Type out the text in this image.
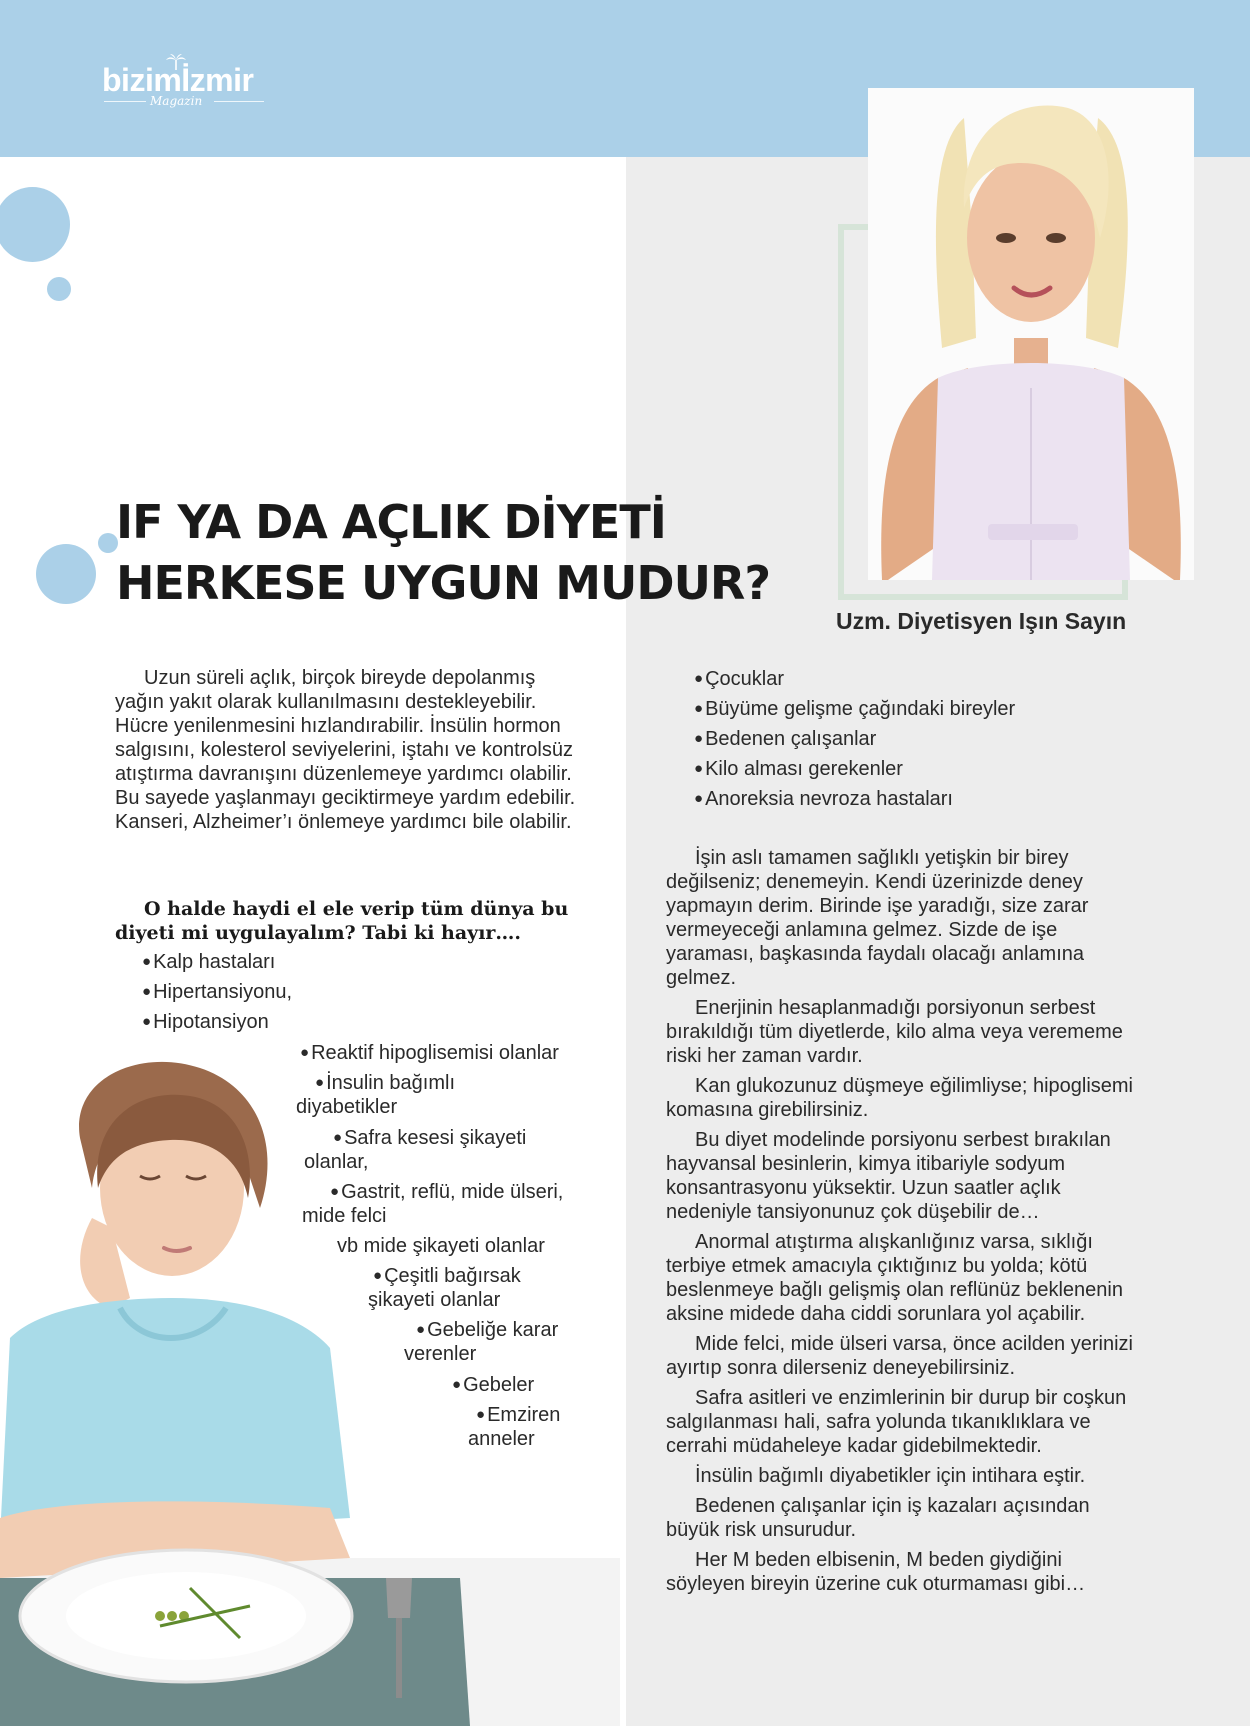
bizimİzmir
Magazin
Uzm. Diyetisyen Işın Sayın
IF YA DA AÇLIK DİYETİ
HERKESE UYGUN MUDUR?

Uzun süreli açlık, birçok bireyde depolanmış yağın yakıt olarak kullanılmasını destekleyebilir. Hücre yenilenmesini hızlandırabilir. İnsülin hormon salgısını, kolesterol seviyelerini, iştahı ve kontrolsüz atıştırma davranışını düzenlemeye yardımcı olabilir. Bu sayede yaşlanmayı geciktirmeye yardım edebilir. Kanseri, Alzheimer’ı önlemeye yardımcı bile olabilir.

O halde haydi el ele verip tüm dünya bu diyeti mi uygulayalım? Tabi ki hayır….
● Kalp hastaları
● Hipertansiyonu,
● Hipotansiyon
● Reaktif hipoglisemisi olanlar
● İnsulin bağımlı
diyabetikler
● Safra kesesi şikayeti
olanlar,
● Gastrit, reflü, mide ülseri,
mide felci
vb mide şikayeti olanlar
● Çeşitli bağırsak
şikayeti olanlar
● Gebeliğe karar
verenler
● Gebeler
● Emziren
anneler
● Çocuklar
● Büyüme gelişme çağındaki bireyler
● Bedenen çalışanlar
● Kilo alması gerekenler
● Anoreksia nevroza hastaları

İşin aslı tamamen sağlıklı yetişkin bir birey değilseniz; denemeyin. Kendi üzerinizde deney yapmayın derim. Birinde işe yaradığı, size zarar vermeyeceği anlamına gelmez. Sizde de işe yaraması, başkasında faydalı olacağı anlamına gelmez.

Enerjinin hesaplanmadığı porsiyonun serbest bırakıldığı tüm diyetlerde, kilo alma veya verememe riski her zaman vardır.

Kan glukozunuz düşmeye eğilimliyse; hipoglisemi komasına girebilirsiniz.

Bu diyet modelinde porsiyonu serbest bırakılan hayvansal besinlerin, kimya itibariyle sodyum konsantrasyonu yüksektir. Uzun saatler açlık nedeniyle tansiyonunuz çok düşebilir de…

Anormal atıştırma alışkanlığınız varsa, sıklığı terbiye etmek amacıyla çıktığınız bu yolda; kötü beslenmeye bağlı gelişmiş olan reflünüz beklenenin aksine midede daha ciddi sorunlara yol açabilir.

Mide felci, mide ülseri varsa, önce acilden yerinizi ayırtıp sonra dilerseniz deneyebilirsiniz.

Safra asitleri ve enzimlerinin bir durup bir coşkun salgılanması hali, safra yolunda tıkanıklıklara ve cerrahi müdaheleye kadar gidebilmektedir.

İnsülin bağımlı diyabetikler için intihara eştir.

Bedenen çalışanlar için iş kazaları açısından büyük risk unsurudur.

Her M beden elbisenin, M beden giydiğini söyleyen bireyin üzerine cuk oturmaması gibi…
